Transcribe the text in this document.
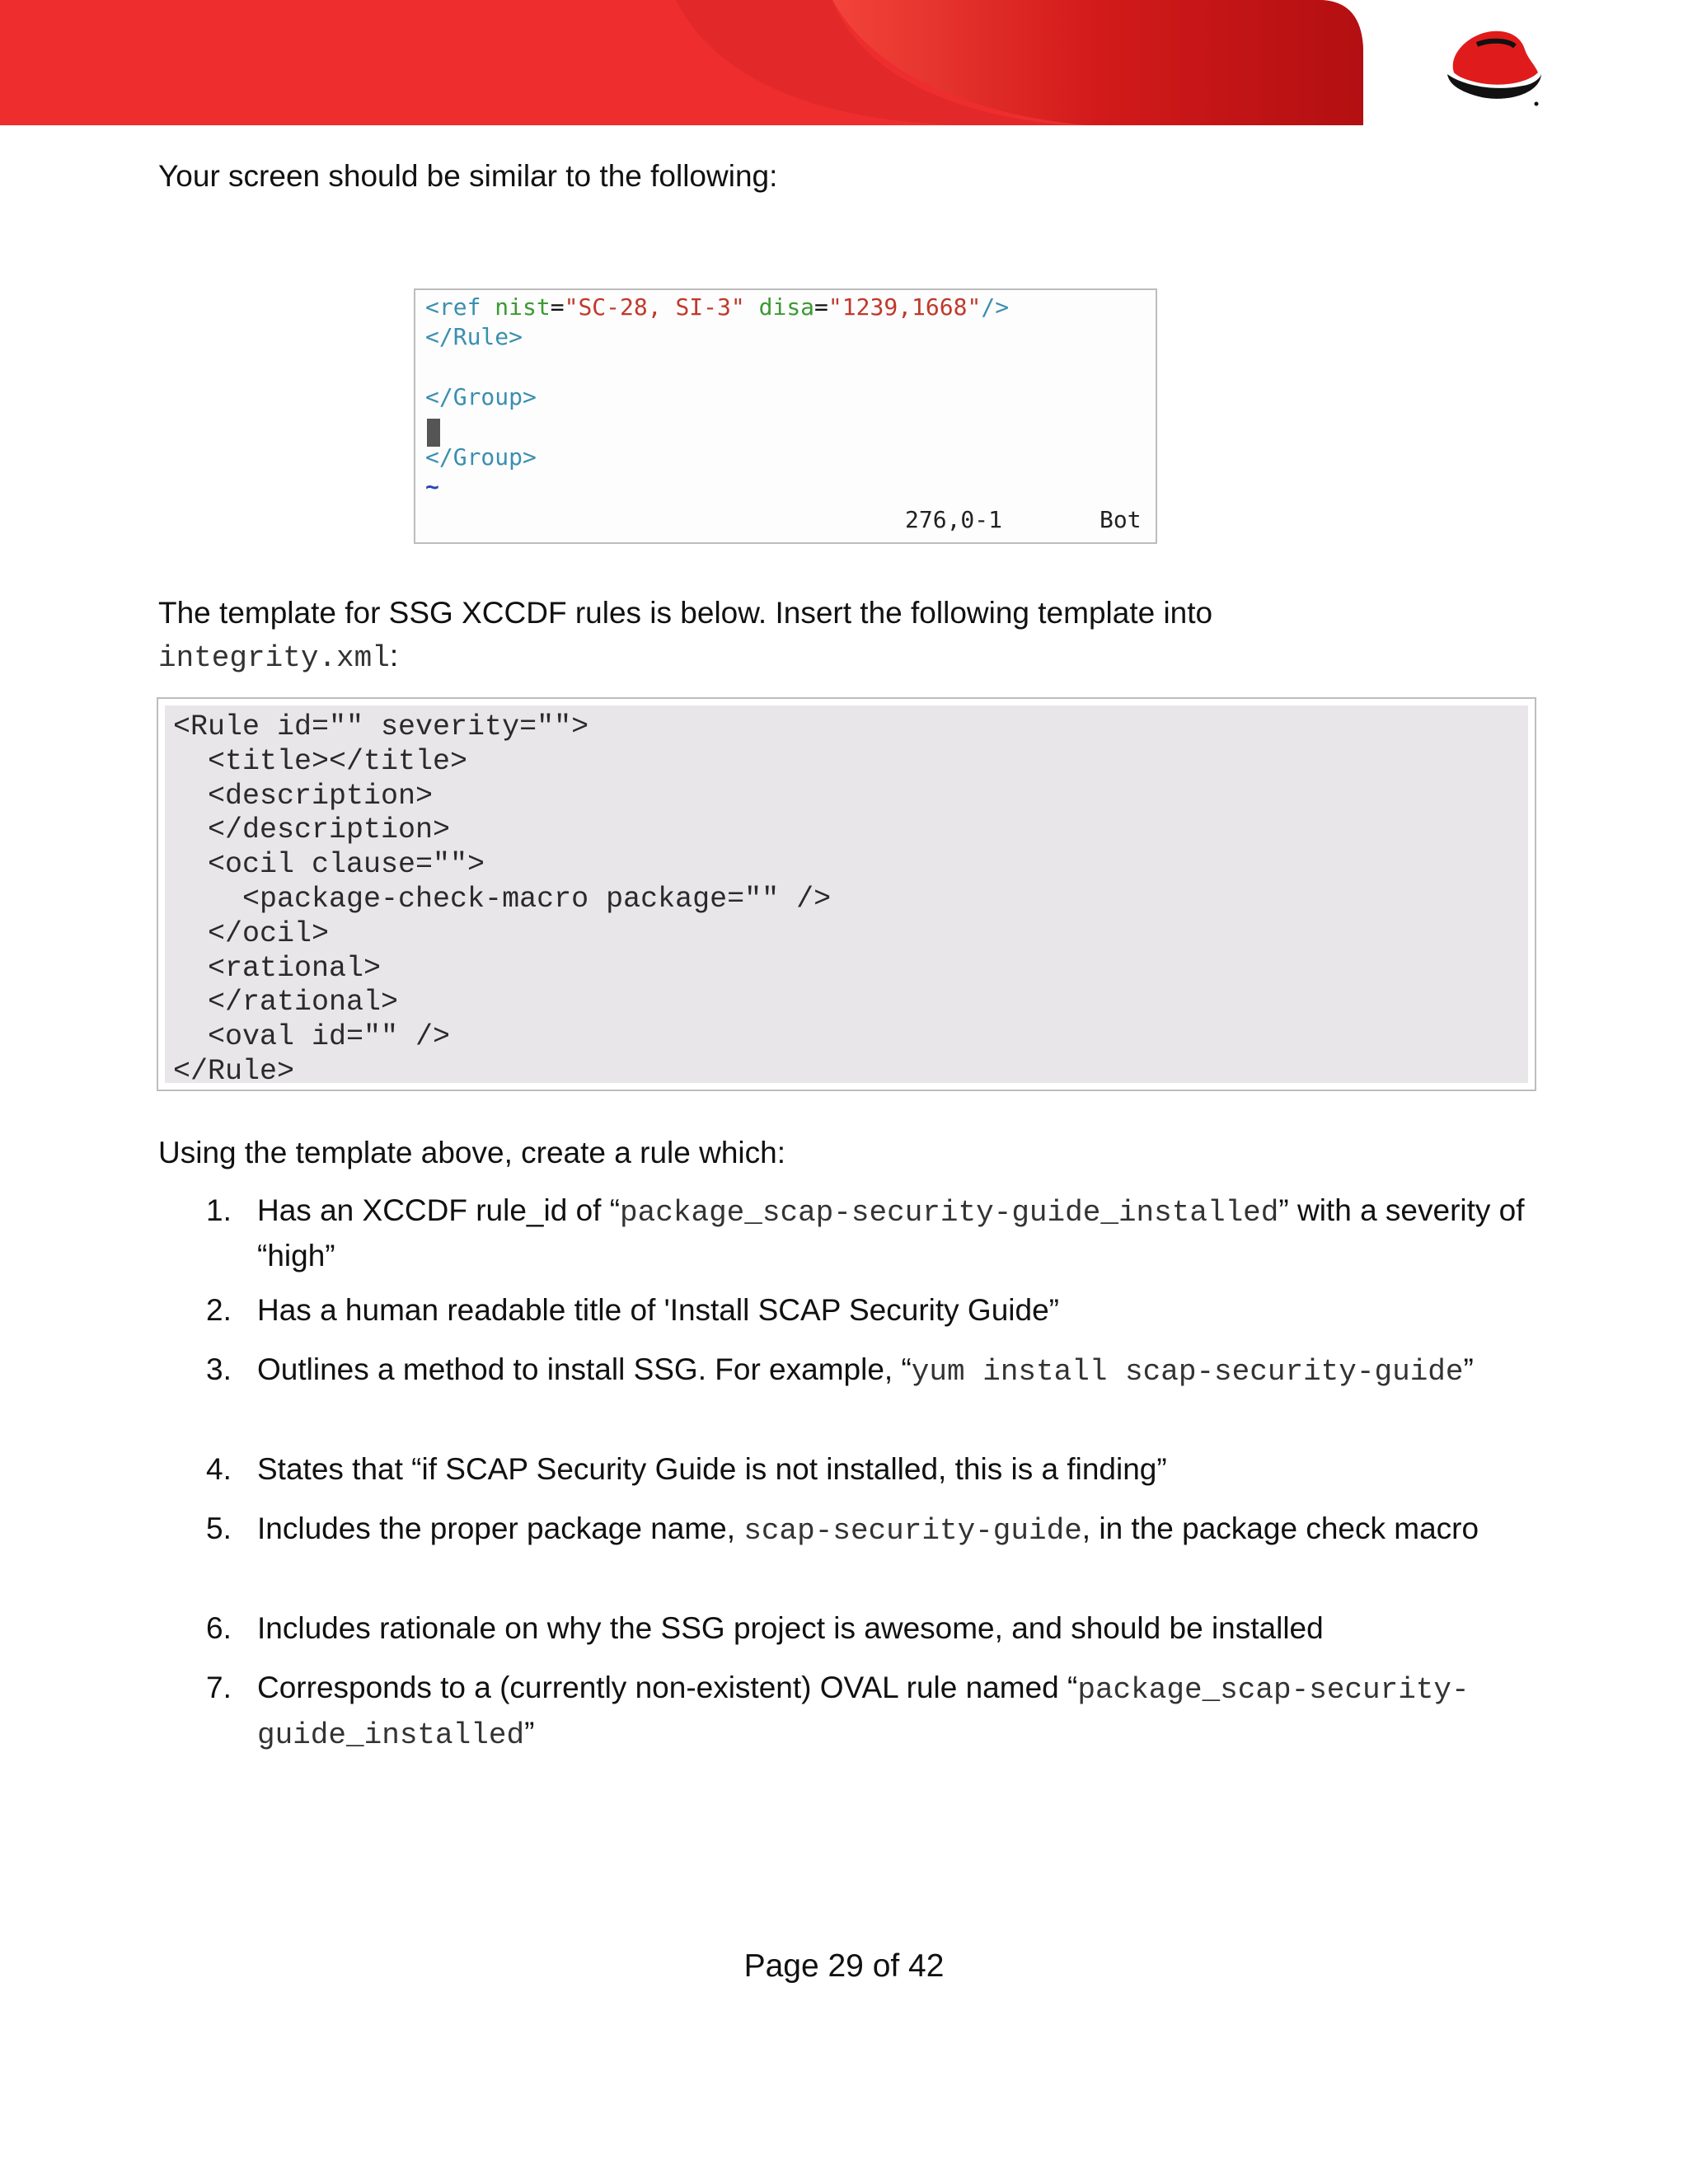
Your screen should be similar to the following:
<ref nist="SC-28, SI-3" disa="1239,1668"/>
</Rule>
</Group>
</Group>
~
276,0-1	Bot
The template for SSG XCCDF rules is below. Insert the following template into
integrity.xml:
<Rule id="" severity="">
<title></title>
<description>
</description>
<ocil clause="">
<package-check-macro package="" />
</ocil>
<rational>
</rational>
<oval id="" />
</Rule>
Using the template above, create a rule which:
1. Has an XCCDF rule_id of “package_scap-security-guide_installed” with a severity of “high”
2. Has a human readable title of 'Install SCAP Security Guide”
3. Outlines a method to install SSG. For example, “yum install scap-security-guide”
4. States that “if SCAP Security Guide is not installed, this is a finding”
5. Includes the proper package name, scap-security-guide, in the package check macro
6. Includes rationale on why the SSG project is awesome, and should be installed
7. Corresponds to a (currently non-existent) OVAL rule named “package_scap-security-guide_installed”
Page 29 of 42
